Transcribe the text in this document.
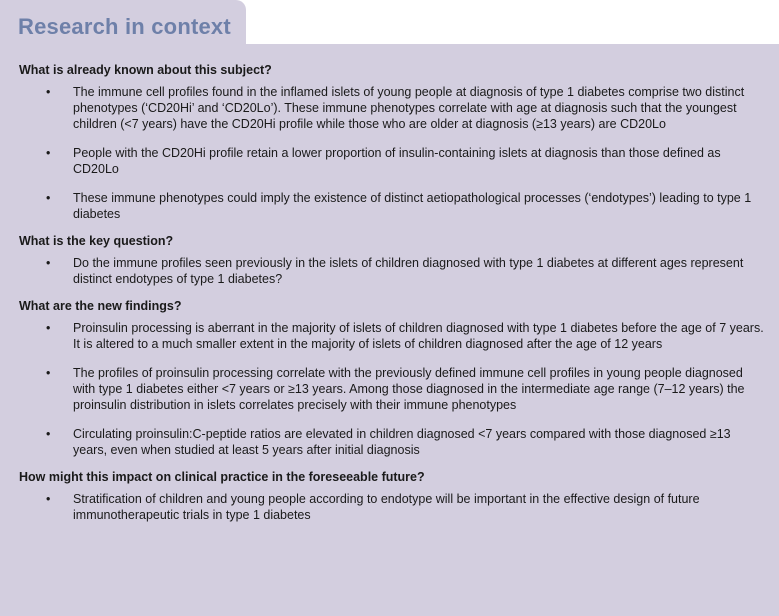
Research in context
What is already known about this subject?
• The immune cell profiles found in the inflamed islets of young people at diagnosis of type 1 diabetes comprise two distinct phenotypes (‘CD20Hi’ and ‘CD20Lo’). These immune phenotypes correlate with age at diagnosis such that the youngest children (<7 years) have the CD20Hi profile while those who are older at diagnosis (≥13 years) are CD20Lo
• People with the CD20Hi profile retain a lower proportion of insulin-containing islets at diagnosis than those defined as CD20Lo
• These immune phenotypes could imply the existence of distinct aetiopathological processes (‘endotypes’) leading to type 1 diabetes
What is the key question?
• Do the immune profiles seen previously in the islets of children diagnosed with type 1 diabetes at different ages represent distinct endotypes of type 1 diabetes?
What are the new findings?
• Proinsulin processing is aberrant in the majority of islets of children diagnosed with type 1 diabetes before the age of 7 years. It is altered to a much smaller extent in the majority of islets of children diagnosed after the age of 12 years
• The profiles of proinsulin processing correlate with the previously defined immune cell profiles in young people diagnosed with type 1 diabetes either <7 years or ≥13 years. Among those diagnosed in the intermediate age range (7–12 years) the proinsulin distribution in islets correlates precisely with their immune phenotypes
• Circulating proinsulin:C-peptide ratios are elevated in children diagnosed <7 years compared with those diagnosed ≥13 years, even when studied at least 5 years after initial diagnosis
How might this impact on clinical practice in the foreseeable future?
• Stratification of children and young people according to endotype will be important in the effective design of future immunotherapeutic trials in type 1 diabetes
